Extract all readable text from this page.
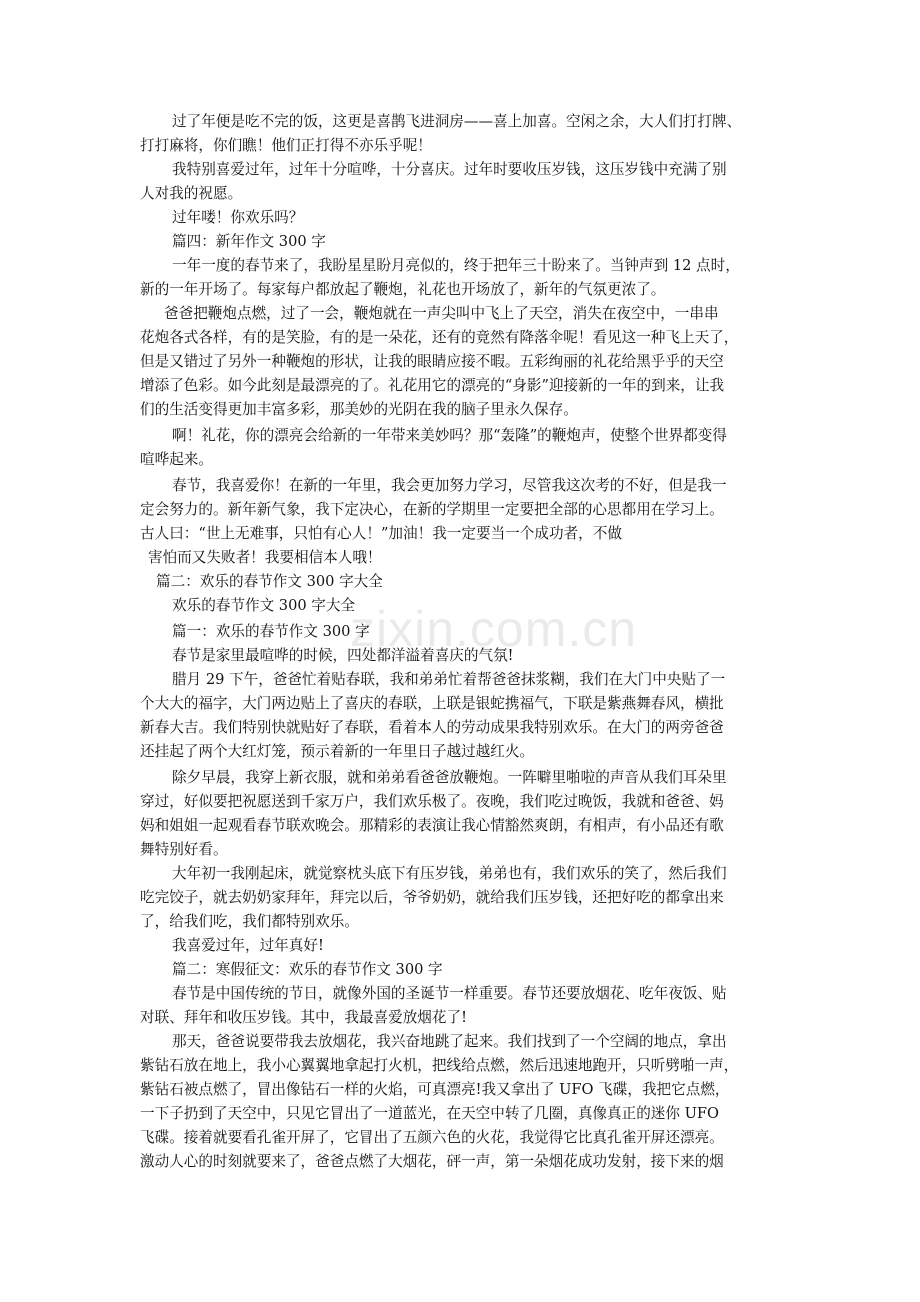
过了年便是吃不完的饭，这更是喜鹊飞进洞房——喜上加喜。空闲之余，大人们打打牌、
打打麻将，你们瞧！他们正打得不亦乐乎呢！
我特别喜爱过年，过年十分喧哗，十分喜庆。过年时要收压岁钱，这压岁钱中充满了别
人对我的祝愿。
过年喽！你欢乐吗？
篇四：新年作文 300 字
一年一度的春节来了，我盼星星盼月亮似的，终于把年三十盼来了。当钟声到 12 点时，
新的一年开场了。每家每户都放起了鞭炮，礼花也开场放了，新年的气氛更浓了。
爸爸把鞭炮点燃，过了一会，鞭炮就在一声尖叫中飞上了天空，消失在夜空中，一串串
花炮各式各样，有的是笑脸，有的是一朵花，还有的竟然有降落伞呢！看见这一种飞上天了，
但是又错过了另外一种鞭炮的形状，让我的眼睛应接不暇。五彩绚丽的礼花给黑乎乎的天空
增添了色彩。如今此刻是最漂亮的了。礼花用它的漂亮的“身影”迎接新的一年的到来，让我
们的生活变得更加丰富多彩，那美妙的光阴在我的脑子里永久保存。
啊！礼花，你的漂亮会给新的一年带来美妙吗？那“轰隆”的鞭炮声，使整个世界都变得
喧哗起来。
春节，我喜爱你！在新的一年里，我会更加努力学习，尽管我这次考的不好，但是我一
定会努力的。新年新气象，我下定决心，在新的学期里一定要把全部的心思都用在学习上。
古人曰：“世上无难事，只怕有心人！”加油！我一定要当一个成功者，不做
害怕而又失败者！我要相信本人哦！
篇二：欢乐的春节作文 300 字大全
欢乐的春节作文 300 字大全
篇一：欢乐的春节作文 300 字
春节是家里最喧哗的时候，四处都洋溢着喜庆的气氛!
腊月 29 下午，爸爸忙着贴春联，我和弟弟忙着帮爸爸抹浆糊，我们在大门中央贴了一
个大大的福字，大门两边贴上了喜庆的春联，上联是银蛇携福气，下联是紫燕舞春风，横批
新春大吉。我们特别快就贴好了春联，看着本人的劳动成果我特别欢乐。在大门的两旁爸爸
还挂起了两个大红灯笼，预示着新的一年里日子越过越红火。
除夕早晨，我穿上新衣服，就和弟弟看爸爸放鞭炮。一阵噼里啪啦的声音从我们耳朵里
穿过，好似要把祝愿送到千家万户，我们欢乐极了。夜晚，我们吃过晚饭，我就和爸爸、妈
妈和姐姐一起观看春节联欢晚会。那精彩的表演让我心情豁然爽朗，有相声，有小品还有歌
舞特别好看。
大年初一我刚起床，就觉察枕头底下有压岁钱，弟弟也有，我们欢乐的笑了，然后我们
吃完饺子，就去奶奶家拜年，拜完以后，爷爷奶奶，就给我们压岁钱，还把好吃的都拿出来
了，给我们吃，我们都特别欢乐。
我喜爱过年，过年真好!
篇二：寒假征文：欢乐的春节作文 300 字
春节是中国传统的节日，就像外国的圣诞节一样重要。春节还要放烟花、吃年夜饭、贴
对联、拜年和收压岁钱。其中，我最喜爱放烟花了!
那天，爸爸说要带我去放烟花，我兴奋地跳了起来。我们找到了一个空阔的地点，拿出
紫钻石放在地上，我小心翼翼地拿起打火机，把线给点燃，然后迅速地跑开，只听劈啪一声，
紫钻石被点燃了，冒出像钻石一样的火焰，可真漂亮!我又拿出了 UFO 飞碟，我把它点燃，
一下子扔到了天空中，只见它冒出了一道蓝光，在天空中转了几圈，真像真正的迷你 UFO
飞碟。接着就要看孔雀开屏了，它冒出了五颜六色的火花，我觉得它比真孔雀开屏还漂亮。
激动人心的时刻就要来了，爸爸点燃了大烟花，砰一声，第一朵烟花成功发射，接下来的烟
zixin.com.cn
